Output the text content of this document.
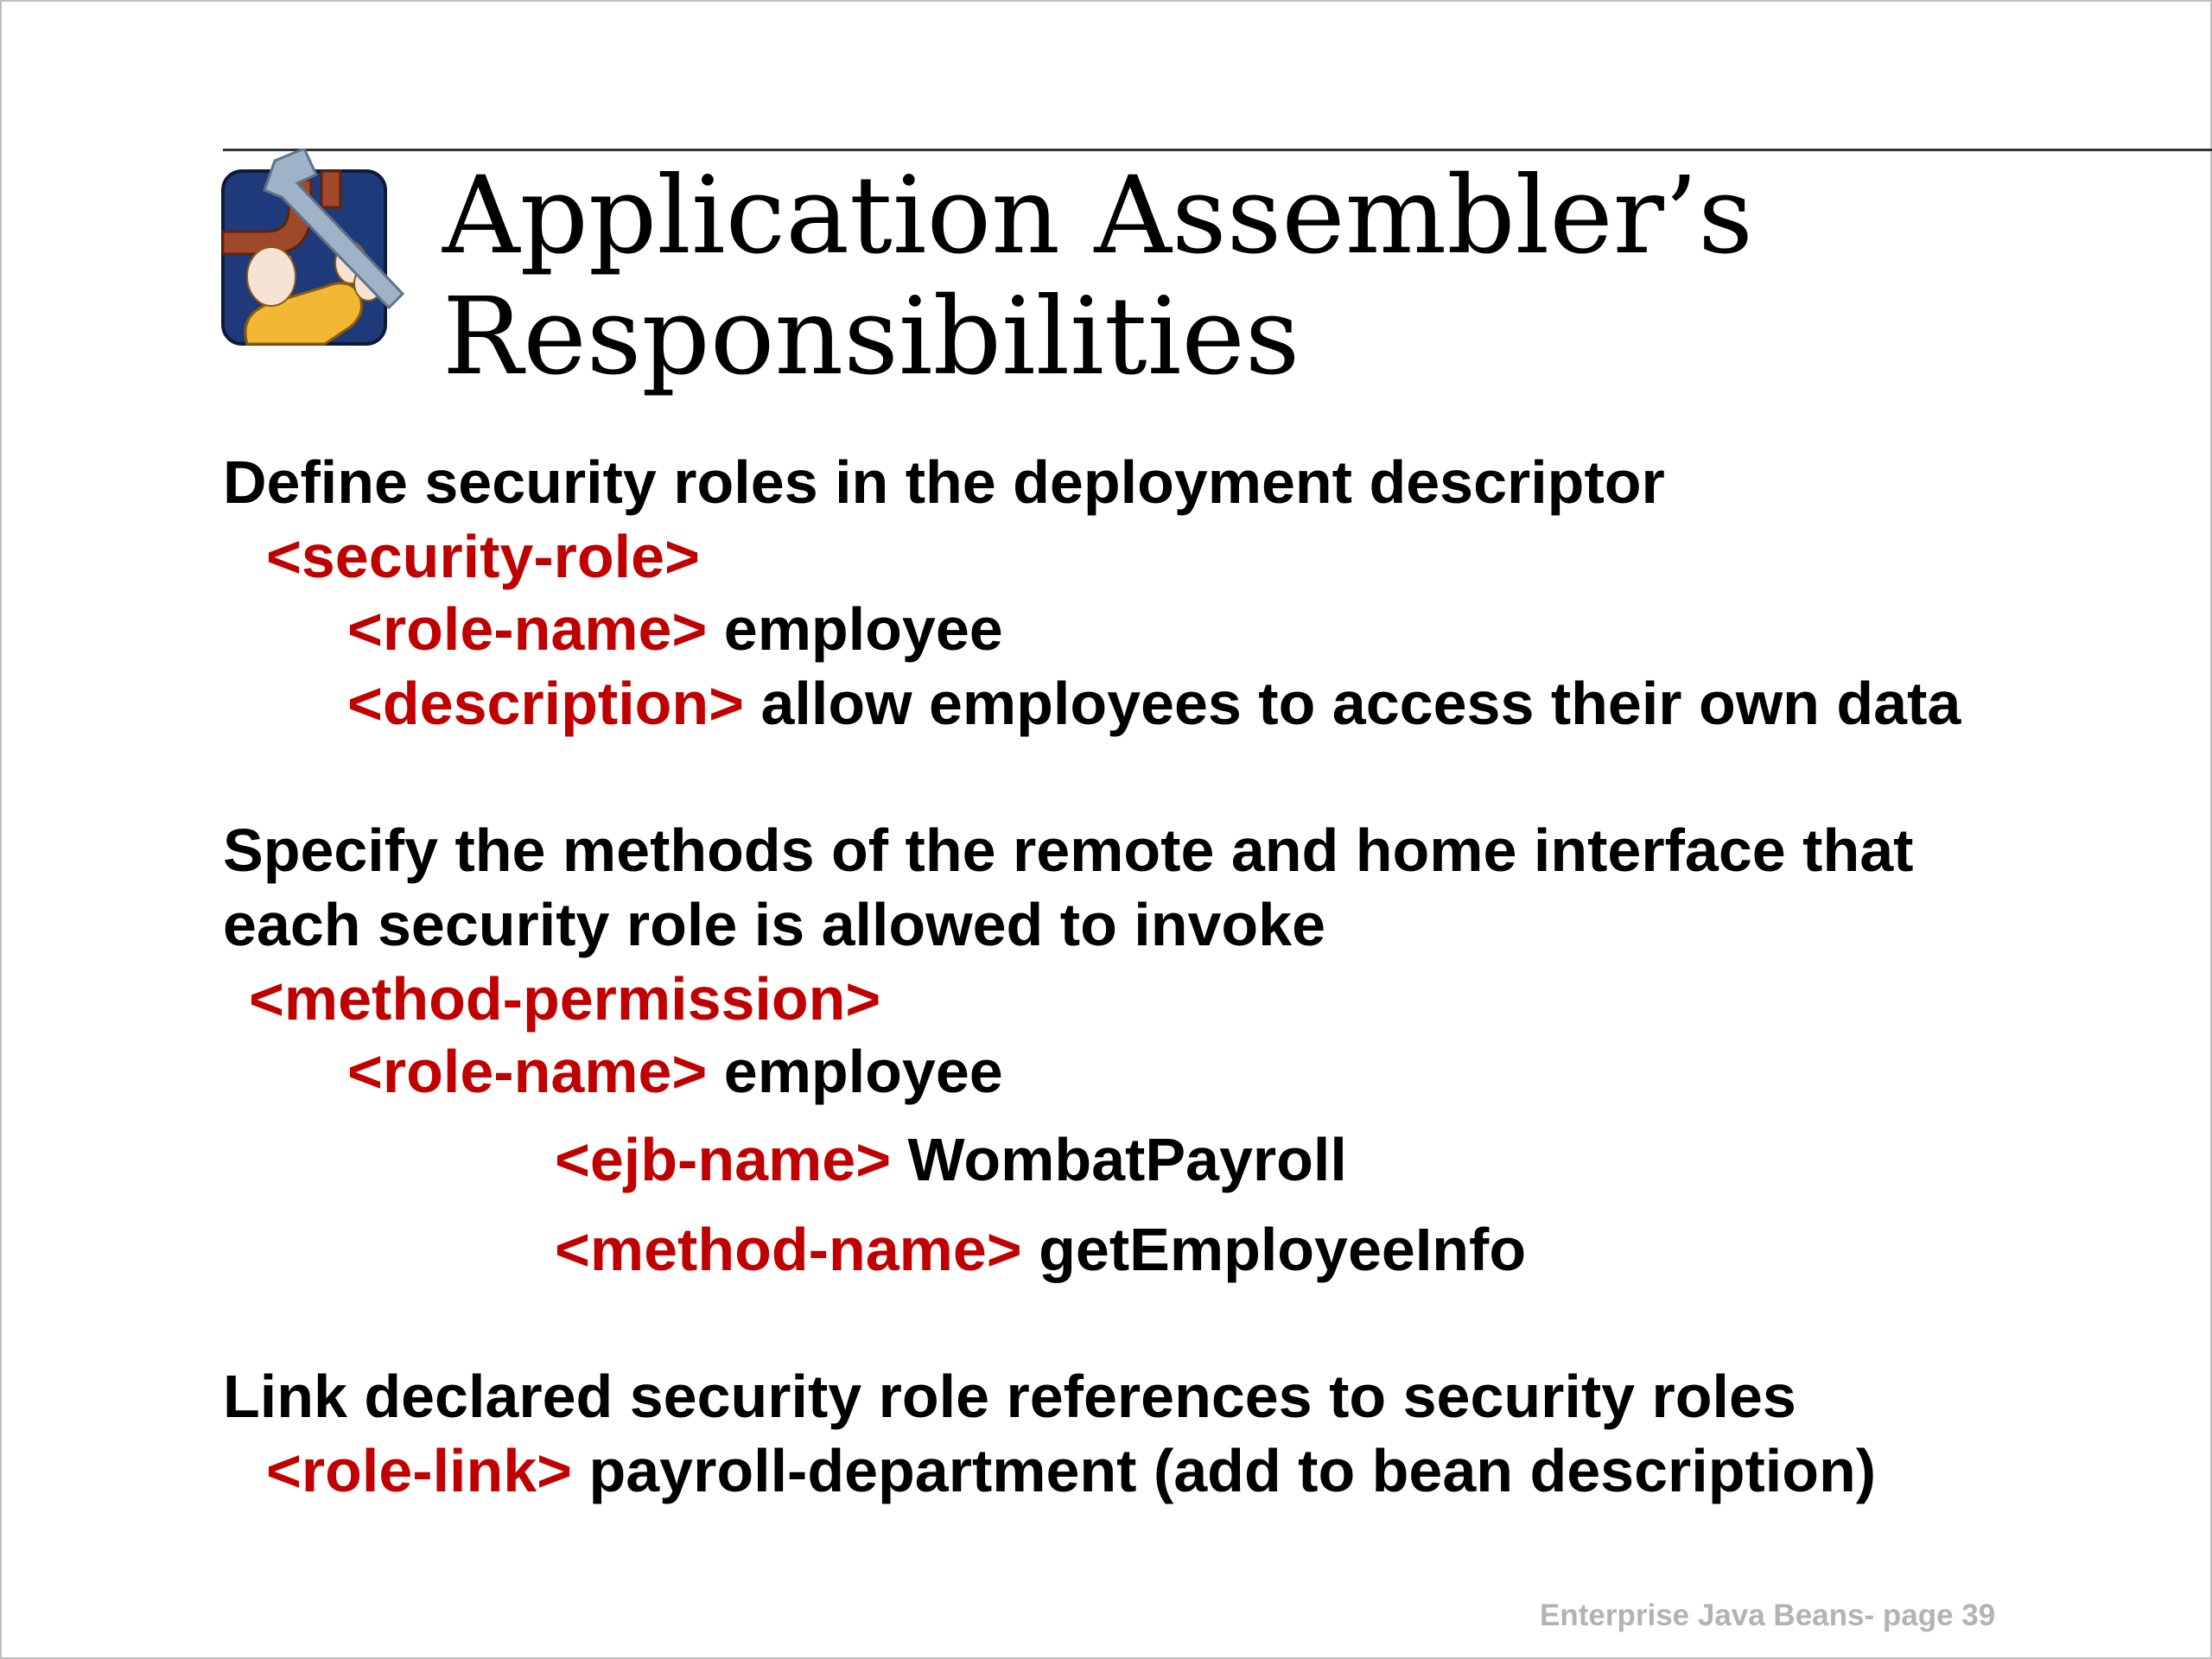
Application Assembler’s
Responsibilities
Define security roles in the deployment descriptor
<security-role>
<role-name> employee
<description> allow employees to access their own data
Specify the methods of the remote and home interface that
each security role is allowed to invoke
<method-permission>
<role-name> employee
<ejb-name> WombatPayroll
<method-name> getEmployeeInfo
Link declared security role references to security roles
<role-link> payroll-department (add to bean description)
Enterprise Java Beans- page 39
